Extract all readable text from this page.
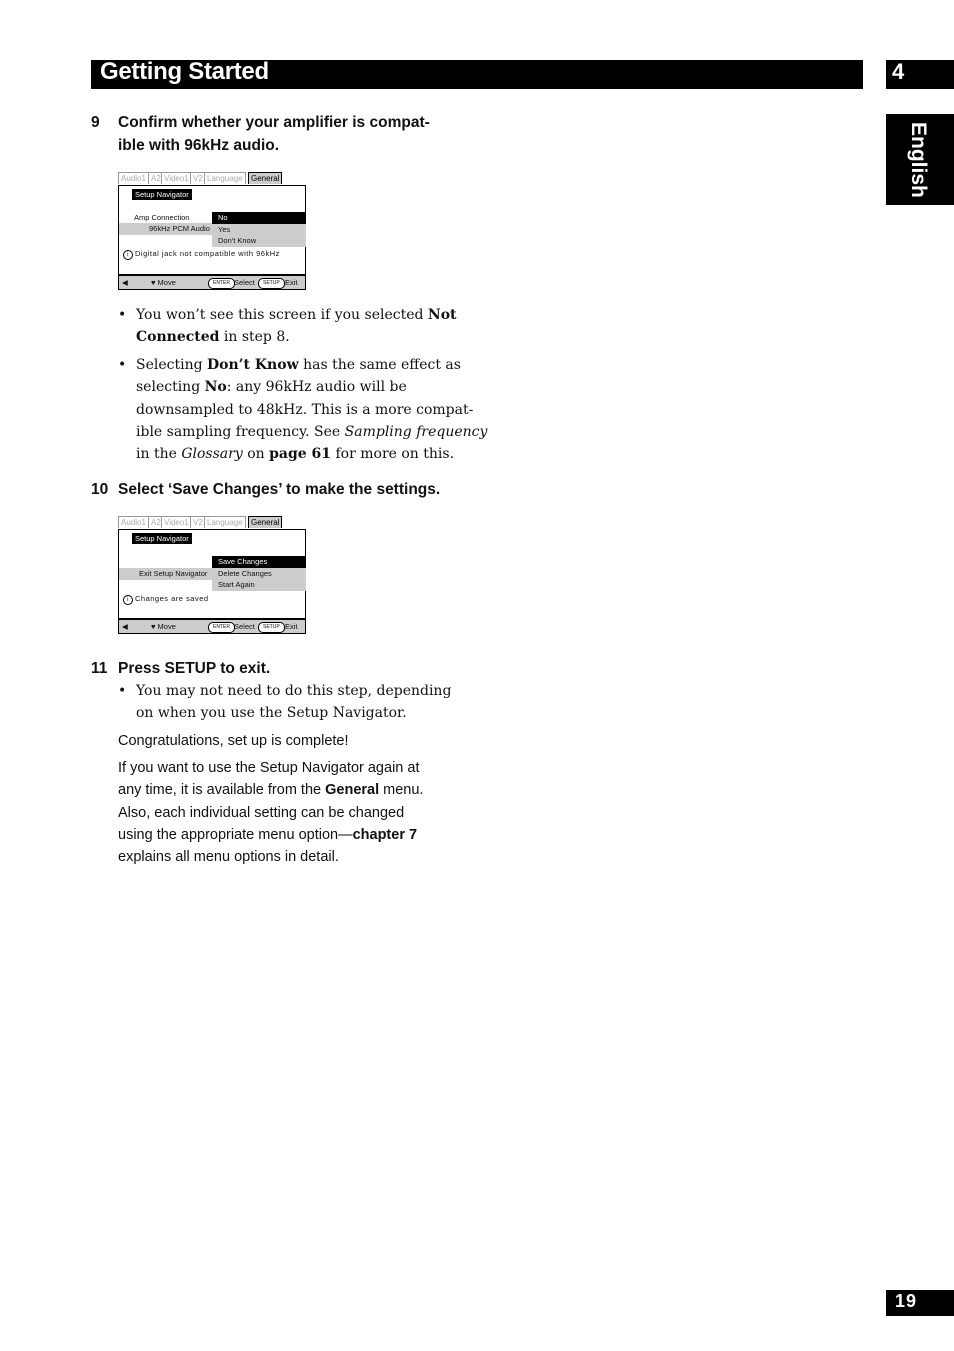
Getting Started	4
English
9 Confirm whether your amplifier is compat-
ible with 96kHz audio.
Audio1 A2 Video1 V2 Language	General
Setup Navigator
Amp Connection
96kHz PCM Audio
No
Yes
Don't Know
i Digital jack not compatible with 96kHz
◀	♥ Move	ENTER Select	SETUP Exit
• You won’t see this screen if you selected Not
Connected in step 8.
• Selecting Don’t Know has the same effect as
selecting No: any 96kHz audio will be
downsampled to 48kHz. This is a more compat-
ible sampling frequency. See Sampling frequency
in the Glossary on page 61 for more on this.
10 Select ‘Save Changes’ to make the settings.
Audio1 A2 Video1 V2 Language	General
Setup Navigator
Exit Setup Navigator
Save Changes
Delete Changes
Start Again
i Changes are saved
◀	♥ Move	ENTER Select	SETUP Exit
11 Press SETUP to exit.
• You may not need to do this step, depending
on when you use the Setup Navigator.
Congratulations, set up is complete!
If you want to use the Setup Navigator again at
any time, it is available from the General menu.
Also, each individual setting can be changed
using the appropriate menu option—chapter 7
explains all menu options in detail.
19
